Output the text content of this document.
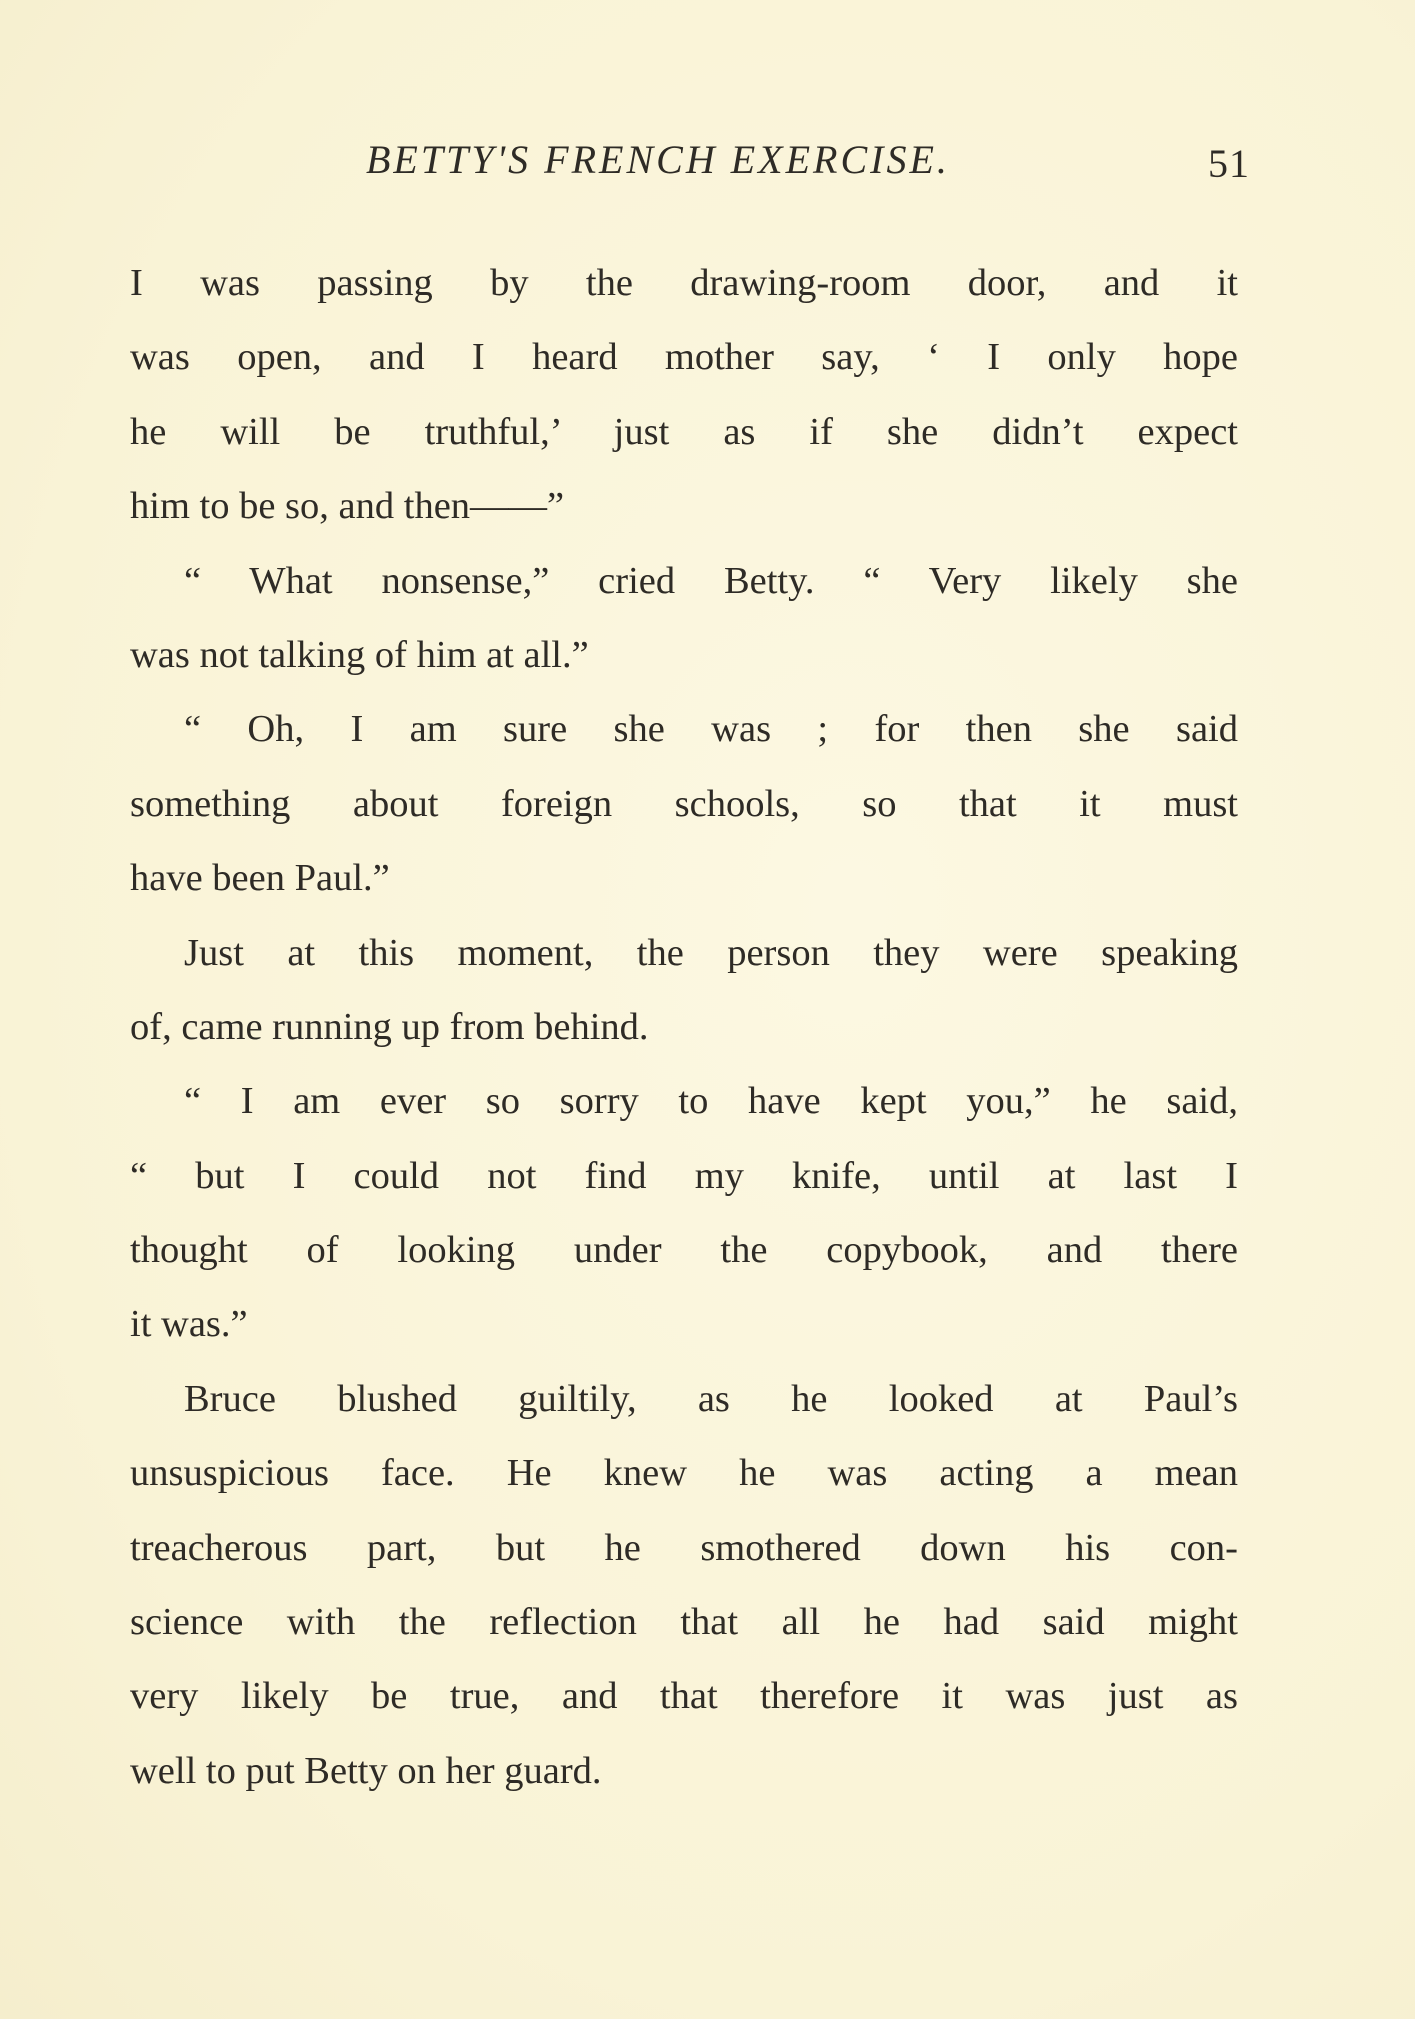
BETTY'S FRENCH EXERCISE.	51
I was passing by the drawing-room door, and it
was open, and I heard mother say, ‘ I only hope
he will be truthful,’ just as if she didn’t expect
him to be so, and then——”
“ What nonsense,” cried Betty. “ Very likely she
was not talking of him at all.”
“ Oh, I am sure she was ; for then she said
something about foreign schools, so that it must
have been Paul.”
Just at this moment, the person they were speaking
of, came running up from behind.
“ I am ever so sorry to have kept you,” he said,
“ but I could not find my knife, until at last I
thought of looking under the copybook, and there
it was.”
Bruce blushed guiltily, as he looked at Paul’s
unsuspicious face. He knew he was acting a mean
treacherous part, but he smothered down his con-
science with the reflection that all he had said might
very likely be true, and that therefore it was just as
well to put Betty on her guard.
